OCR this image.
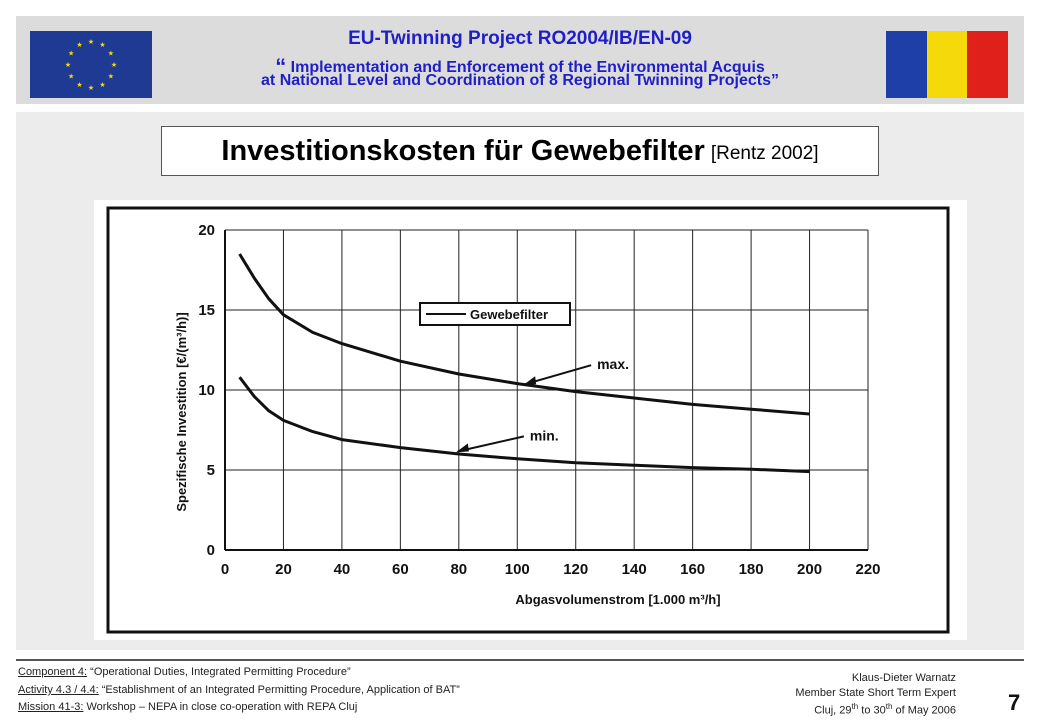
★ ★
★
★
★
★
★
★
★
★
★
★	EU-Twinning Project RO2004/IB/EN-09
“ Implementation and Enforcement of the Environmental Acquis
at National Level and Coordination of 8 Regional Twinning Projects”
Investitionskosten für Gewebefilter [Rentz 2002]
0	20	40	60	80	100 120 140 160 180 200 220
0
5
10
15
20
Abgasvolumenstrom [1.000 m³/h]
Spezifische Investition [€/(m³/h)]	Gewebefilter
max.
min.
Component 4: “Operational Duties, Integrated Permitting Procedure”
Activity 4.3 / 4.4: “Establishment of an Integrated Permitting Procedure, Application of BAT”
Mission 41-3: Workshop – NEPA in close co-operation with REPA Cluj
Klaus-Dieter Warnatz
Member State Short Term Expert
Cluj, 29th to 30th of May 2006 7
